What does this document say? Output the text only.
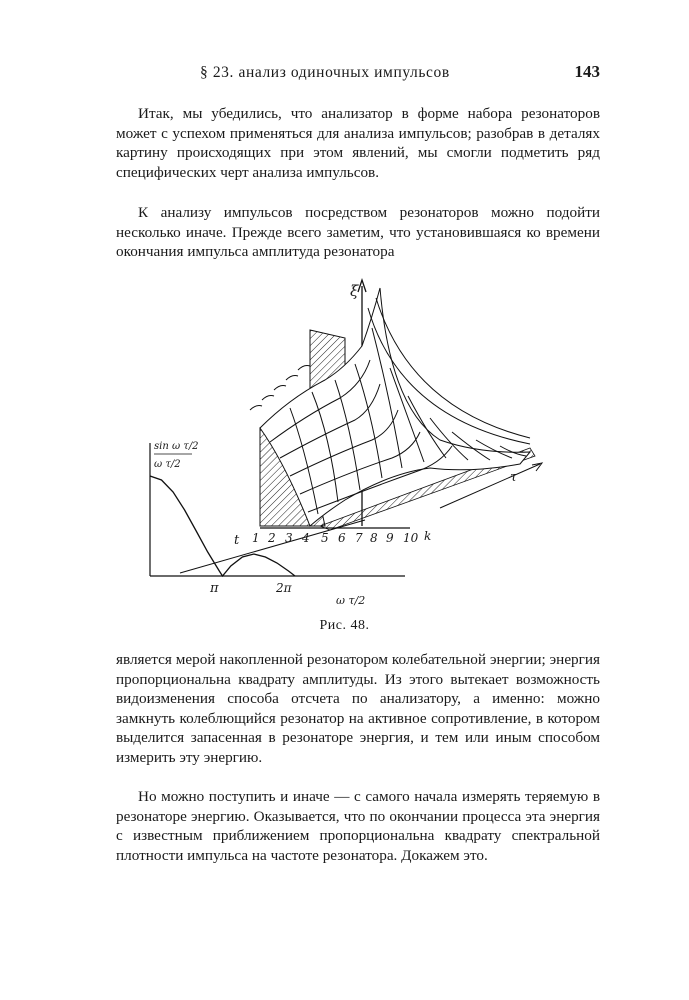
§ 23. анализ одиночных импульсов	143

Итак, мы убедились, что анализатор в форме набора резонаторов может с успехом применяться для анализа импульсов; разобрав в деталях картину происходящих при этом явлений, мы смогли подметить ряд специфических черт анализа импульсов.

К анализу импульсов посредством резонаторов можно подойти несколько иначе. Прежде всего заметим, что установившаяся ко времени окончания импульса амплитуда резонатора

ξ
t
τ
1 2 3 4 5 6 7 8 9 10 k
sin ω τ/2
ω τ/2
π	2π
ω τ/2
Рис. 48.

является мерой накопленной резонатором колебательной энергии; энергия пропорциональна квадрату амплитуды. Из этого вытекает возможность видоизменения способа отсчета по анализатору, а именно: можно замкнуть колеблющийся резонатор на активное сопротивление, в котором выделится запасенная в резонаторе энергия, и тем или иным способом измерить эту энергию.

Но можно поступить и иначе — с самого начала измерять теряемую в резонаторе энергию. Оказывается, что по окончании процесса эта энергия с известным приближением пропорциональна квадрату спектральной плотности импульса на частоте резонатора. Докажем это.
